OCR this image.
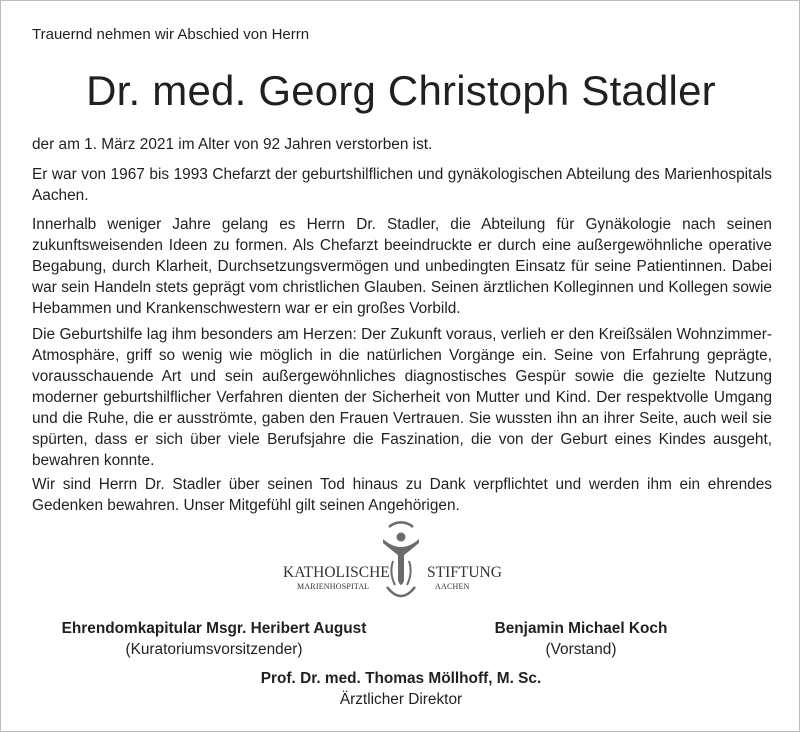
Trauernd nehmen wir Abschied von Herrn
Dr. med. Georg Christoph Stadler

der am 1. März 2021 im Alter von 92 Jahren verstorben ist.

Er war von 1967 bis 1993 Chefarzt der geburtshilflichen und gynäkologischen Abteilung des Marienhospitals Aachen.

Innerhalb weniger Jahre gelang es Herrn Dr. Stadler, die Abteilung für Gynäkologie nach seinen zukunftsweisenden Ideen zu formen. Als Chefarzt beeindruckte er durch eine außergewöhnliche operative Begabung, durch Klarheit, Durchsetzungsvermögen und unbedingten Einsatz für seine Patientinnen. Dabei war sein Handeln stets geprägt vom christlichen Glauben. Seinen ärztlichen Kolleginnen und Kollegen sowie Hebammen und Krankenschwestern war er ein großes Vorbild.

Die Geburtshilfe lag ihm besonders am Herzen: Der Zukunft voraus, verlieh er den Kreißsälen Wohnzimmer-Atmosphäre, griff so wenig wie möglich in die natürlichen Vorgänge ein. Seine von Erfahrung geprägte, vorausschauende Art und sein außergewöhnliches diagnostisches Gespür sowie die gezielte Nutzung moderner geburtshilflicher Verfahren dienten der Sicherheit von Mutter und Kind. Der respektvolle Umgang und die Ruhe, die er ausströmte, gaben den Frauen Vertrauen. Sie wussten ihn an ihrer Seite, auch weil sie spürten, dass er sich über viele Berufsjahre die Faszination, die von der Geburt eines Kindes ausgeht, bewahren konnte.

Wir sind Herrn Dr. Stadler über seinen Tod hinaus zu Dank verpflichtet und werden ihm ein ehrendes Gedenken bewahren. Unser Mitgefühl gilt seinen Angehörigen.

KATHOLISCHE STIFTUNG
MARIENHOSPITAL	AACHEN
Ehrendomkapitular Msgr. Heribert August
(Kuratoriumsvorsitzender)
Benjamin Michael Koch
(Vorstand)
Prof. Dr. med. Thomas Möllhoff, M. Sc.
Ärztlicher Direktor
